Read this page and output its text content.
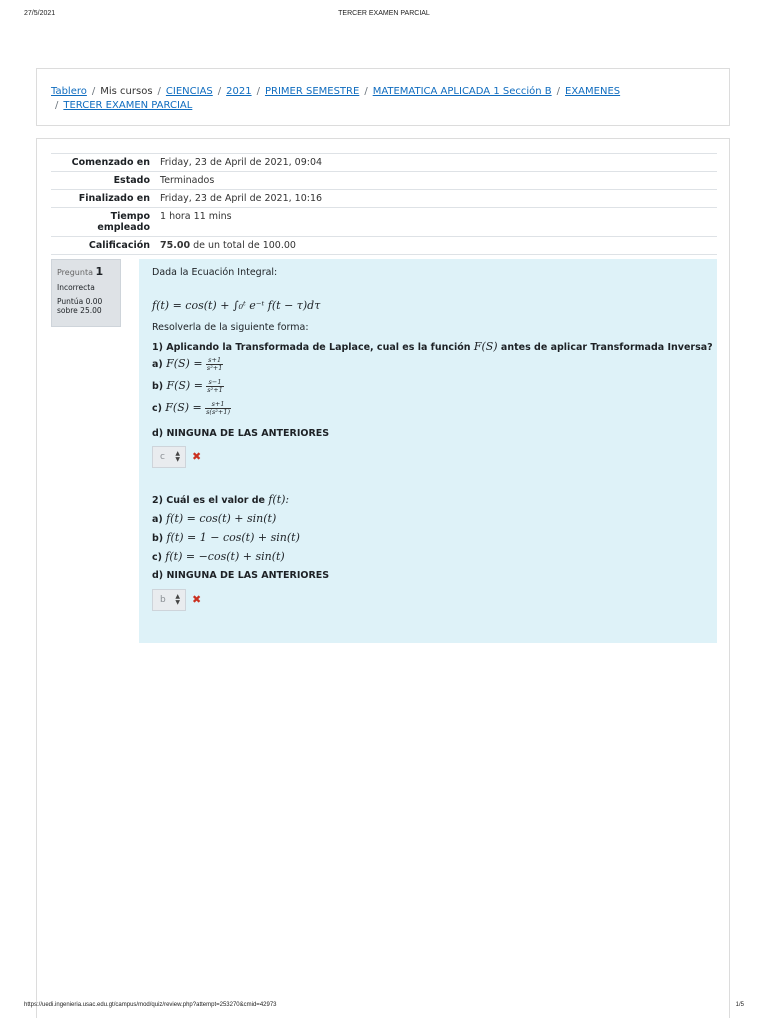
27/5/2021	TERCER EXAMEN PARCIAL
Tablero / Mis cursos / CIENCIAS / 2021 / PRIMER SEMESTRE / MATEMATICA APLICADA 1 Sección B / EXAMENES
/ TERCER EXAMEN PARCIAL
Comenzado en	Friday, 23 de April de 2021, 09:04
Estado	Terminados
Finalizado en	Friday, 23 de April de 2021, 10:16
Tiempo empleado	1 hora 11 mins
Calificación	75.00 de un total de 100.00
Pregunta 1
Incorrecta
Puntúa 0.00 sobre 25.00
Dada la Ecuación Integral:
f(t) = cos(t) + ∫₀ᵗ e⁻ᵗ f(t − τ)dτ
Resolverla de la siguiente forma:
1) Aplicando la Transformada de Laplace, cual es la función F(S) antes de aplicar Transformada Inversa?
a) $F(S) = \frac{s+1}{\text{s²+1}}$
b) $F(S) = \frac{s-1}{\text{s²+1}}$
c) $F(S) = \frac{s+1}{\text{s(s²+1)}}$
d) NINGUNA DE LAS ANTERIORES
c ▲
▼ ✖
2) Cuál es el valor de f(t):
a) f(t) = cos(t) + sin(t)
b) f(t) = 1 − cos(t) + sin(t)
c) f(t) = −cos(t) + sin(t)
d) NINGUNA DE LAS ANTERIORES
b ▲
▼ ✖
https://uedi.ingenieria.usac.edu.gt/campus/mod/quiz/review.php?attempt=253270&cmid=42973	1/5
